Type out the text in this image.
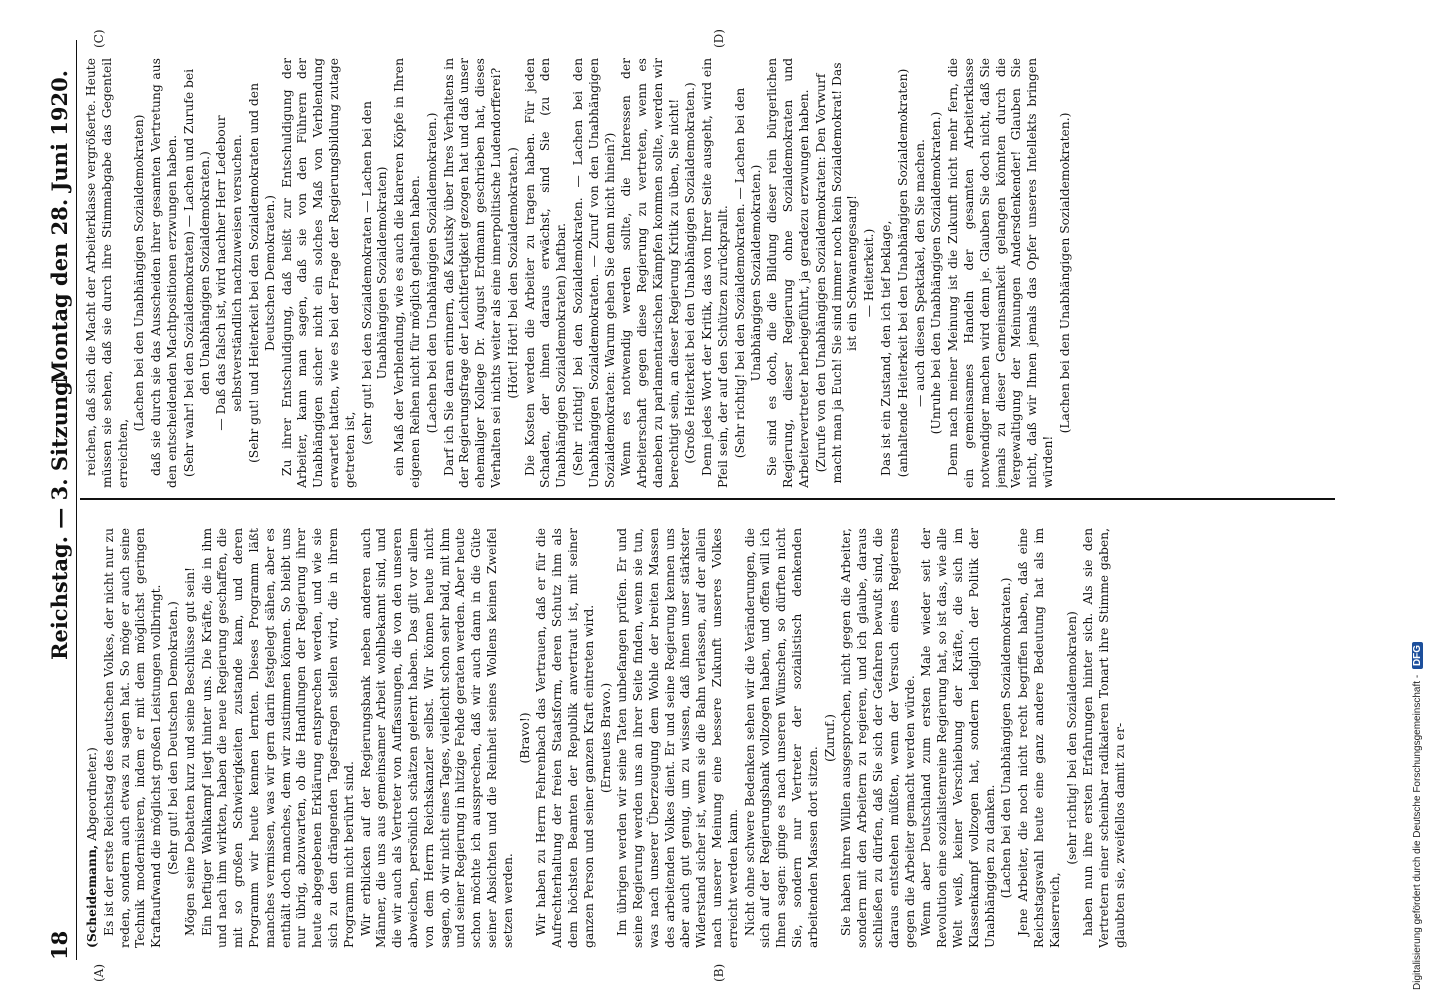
18
Reichstag. — 3. Sitzung.
Montag den 28. Juni 1920.
(A)	(B)
(C)	(D)

(Scheidemann, Abgeordneter.) Es ist der erste Reichstag des deutschen Volkes, der nicht nur zu reden, sondern auch etwas zu sagen hat. So möge er auch seine Technik modernisieren, indem er mit dem möglichst geringen Kraftaufwand die möglichst großen Leistungen vollbringt. (Sehr gut! bei den Deutschen Demokraten.) Mögen seine Debatten kurz und seine Beschlüsse gut sein! Ein heftiger Wahlkampf liegt hinter uns. Die Kräfte, die in ihm und nach ihm wirkten, haben die neue Regierung geschaffen, die mit so großen Schwierigkeiten zustande kam, und deren Programm wir heute kennen lernten. Dieses Programm läßt manches vermissen, was wir gern darin festgelegt sähen, aber es enthält doch manches, dem wir zustimmen können. So bleibt uns nur übrig, abzuwarten, ob die Handlungen der Regierung ihrer heute abgegebenen Erklärung entsprechen werden, und wie sie sich zu den drängenden Tagesfragen stellen wird, die in ihrem Programm nicht berührt sind. Wir erblicken auf der Regierungsbank neben anderen auch Männer, die uns aus gemeinsamer Arbeit wohlbekannt sind, und die wir auch als Vertreter von Auffassungen, die von den unseren abweichen, persönlich schätzen gelernt haben. Das gilt vor allem von dem Herrn Reichskanzler selbst. Wir können heute nicht sagen, ob wir nicht eines Tages, vielleicht schon sehr bald, mit ihm und seiner Regierung in hitzige Fehde geraten werden. Aber heute schon möchte ich aussprechen, daß wir auch dann in die Güte seiner Absichten und die Reinheit seines Wollens keinen Zweifel setzen werden.

(Bravo!) Wir haben zu Herrn Fehrenbach das Vertrauen, daß er für die Aufrechterhaltung der freien Staatsform, deren Schutz ihm als dem höchsten Beamten der Republik anvertraut ist, mit seiner ganzen Person und seiner ganzen Kraft eintreten wird. (Erneutes Bravo.) Im übrigen werden wir seine Taten unbefangen prüfen. Er und seine Regierung werden uns an ihrer Seite finden, wenn sie tun, was nach unserer Überzeugung dem Wohle der breiten Massen des arbeitenden Volkes dient. Er und seine Regierung kennen uns aber auch gut genug, um zu wissen, daß ihnen unser stärkster Widerstand sicher ist, wenn sie die Bahn verlassen, auf der allein nach unserer Meinung eine bessere Zukunft unseres Volkes erreicht werden kann. Nicht ohne schwere Bedenken sehen wir die Veränderungen, die sich auf der Regierungsbank vollzogen haben, und offen will ich Ihnen sagen: ginge es nach unseren Wünschen, so dürften nicht Sie, sondern nur Vertreter der sozialistisch denkenden arbeitenden Massen dort sitzen.

(Zuruf.) Sie haben ihren Willen ausgesprochen, nicht gegen die Arbeiter, sondern mit den Arbeitern zu regieren, und ich glaube, daraus schließen zu dürfen, daß Sie sich der Gefahren bewußt sind, die daraus entstehen müßten, wenn der Versuch eines Regierens gegen die Arbeiter gemacht werden würde. Wenn aber Deutschland zum ersten Male wieder seit der Revolution eine sozialistenreine Regierung hat, so ist das, wie alle Welt weiß, keiner Verschiebung der Kräfte, die sich im Klassenkampf vollzogen hat, sondern lediglich der Politik der Unabhängigen zu danken. (Lachen bei den Unabhängigen Sozialdemokraten.) Jene Arbeiter, die noch nicht recht begriffen haben, daß eine Reichstagswahl heute eine ganz andere Bedeutung hat als im Kaiserreich,

(sehr richtig! bei den Sozialdemokraten) haben nun ihre ersten Erfahrungen hinter sich. Als sie den Vertretern einer scheinbar radikaleren Tonart ihre Stimme gaben, glaubten sie, zweifellos damit zu er-

reichen, daß sich die Macht der Arbeiterklasse vergrößerte. Heute müssen sie sehen, daß sie durch ihre Stimmabgabe das Gegenteil erreichten,

(Lachen bei den Unabhängigen Sozialdemokraten) daß sie durch sie das Ausscheiden ihrer gesamten Vertretung aus den entscheidenden Machtpositionen erzwungen haben. (Sehr wahr! bei den Sozialdemokraten) — Lachen und Zurufe bei den Unabhängigen Sozialdemokraten.) — Daß das falsch ist, wird nachher Herr Ledebour selbstverständlich nachzuweisen versuchen. (Sehr gut! und Heiterkeit bei den Sozialdemokraten und den Deutschen Demokraten.) Zu ihrer Entschuldigung, daß heißt zur Entschuldigung der Arbeiter, kann man sagen, daß sie von den Führern der Unabhängigen sicher nicht ein solches Maß von Verblendung erwartet hatten, wie es bei der Frage der Regierungsbildung zutage getreten ist,

(sehr gut! bei den Sozialdemokraten — Lachen bei den Unabhängigen Sozialdemokraten) ein Maß der Verblendung, wie es auch die klareren Köpfe in Ihren eigenen Reihen nicht für möglich gehalten haben. (Lachen bei den Unabhängigen Sozialdemokraten.) Darf ich Sie daran erinnern, daß Kautsky über Ihres Verhaltens in der Regierungsfrage der Leichtfertigkeit gezogen hat und daß unser ehemaliger Kollege Dr. August Erdmann geschrieben hat, dieses Verhalten sei nichts weiter als eine innerpolitische Ludendorfferei? (Hört! Hört! bei den Sozialdemokraten.) Die Kosten werden die Arbeiter zu tragen haben. Für jeden Schaden, der ihnen daraus erwächst, sind Sie (zu den Unabhängigen Sozialdemokraten) haftbar. (Sehr richtig! bei den Sozialdemokraten. — Lachen bei den Unabhängigen Sozialdemokraten. — Zuruf von den Unabhängigen Sozialdemokraten: Warum gehen Sie denn nicht hinein?) Wenn es notwendig werden sollte, die Interessen der Arbeiterschaft gegen diese Regierung zu vertreten, wenn es daneben zu parlamentarischen Kämpfen kommen sollte, werden wir berechtigt sein, an dieser Regierung Kritik zu üben, Sie nicht! (Große Heiterkeit bei den Unabhängigen Sozialdemokraten.) Denn jedes Wort der Kritik, das von Ihrer Seite ausgeht, wird ein Pfeil sein, der auf den Schützen zurückprallt. (Sehr richtig! bei den Sozialdemokraten. — Lachen bei den Unabhängigen Sozialdemokraten.) Sie sind es doch, die die Bildung dieser rein bürgerlichen Regierung, dieser Regierung ohne Sozialdemokraten und Arbeitervertreter herbeigeführt, ja geradezu erzwungen haben. (Zurufe von den Unabhängigen Sozialdemokraten: Den Vorwurf macht man ja Euch! Sie sind immer noch kein Sozialdemokrat! Das ist ein Schwanengesang! — Heiterkeit.) Das ist ein Zustand, den ich tief beklage, (anhaltende Heiterkeit bei den Unabhängigen Sozialdemokraten) — auch diesen Spektakel, den Sie machen. (Unruhe bei den Unabhängigen Sozialdemokraten.) Denn nach meiner Meinung ist die Zukunft nicht mehr fern, die ein gemeinsames Handeln der gesamten Arbeiterklasse notwendiger machen wird denn je. Glauben Sie doch nicht, daß Sie jemals zu dieser Gemeinsamkeit gelangen könnten durch die Vergewaltigung der Meinungen Andersdenkender! Glauben Sie nicht, daß wir Ihnen jemals das Opfer unseres Intellekts bringen würden!

(Lachen bei den Unabhängigen Sozialdemokraten.)

Digitalisierung gefördert durch die Deutsche Forschungsgemeinschaft - DFG
